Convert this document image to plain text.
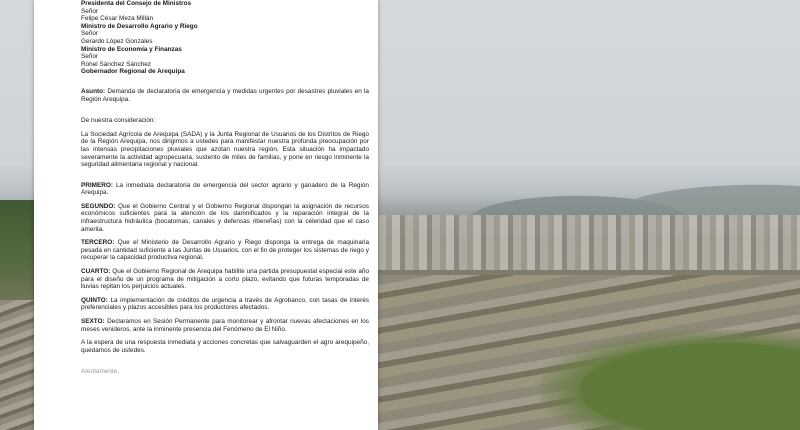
Presidenta del Consejo de Ministros

Señor

Felipe César Meza Millán

Ministro de Desarrollo Agrario y Riego

Señor

Gerardo López Gonzales

Ministro de Economía y Finanzas

Señor

Rohel Sánchez Sánchez

Gobernador Regional de Arequipa

Asunto: Demanda de declaratoria de emergencia y medidas urgentes por desastres pluviales en la Región Arequipa.

De nuestra consideración:

La Sociedad Agrícola de Arequipa (SADA) y la Junta Regional de Usuarios de los Distritos de Riego de la Región Arequipa, nos dirigimos a ustedes para manifestar nuestra profunda preocupación por las intensas precipitaciones pluviales que azotan nuestra región. Esta situación ha impactado severamente la actividad agropecuaria, sustento de miles de familias, y pone en riesgo inminente la seguridad alimentaria regional y nacional.

PRIMERO: La inmediata declaratoria de emergencia del sector agrario y ganadero de la Región Arequipa.

SEGUNDO: Que el Gobierno Central y el Gobierno Regional dispongan la asignación de recursos económicos suficientes para la atención de los damnificados y la reparación integral de la infraestructura hidráulica (bocatomas, canales y defensas ribereñas) con la celeridad que el caso amerita.

TERCERO: Que el Ministerio de Desarrollo Agrario y Riego disponga la entrega de maquinaria pesada en cantidad suficiente a las Juntas de Usuarios, con el fin de proteger los sistemas de riego y recuperar la capacidad productiva regional.

CUARTO: Que el Gobierno Regional de Arequipa habilite una partida presupuestal especial este año para el diseño de un programa de mitigación a corto plazo, evitando que futuras temporadas de lluvias repitan los perjuicios actuales.

QUINTO: La implementación de créditos de urgencia a través de Agrobanco, con tasas de interés preferenciales y plazos accesibles para los productores afectados.

SEXTO: Declaramos en Sesión Permanente para monitorear y afrontar nuevas afectaciones en los meses venideros, ante la inminente presencia del Fenómeno de El Niño.

A la espera de una respuesta inmediata y acciones concretas que salvaguarden el agro arequipeño, quedamos de ustedes.

Atentamente,
